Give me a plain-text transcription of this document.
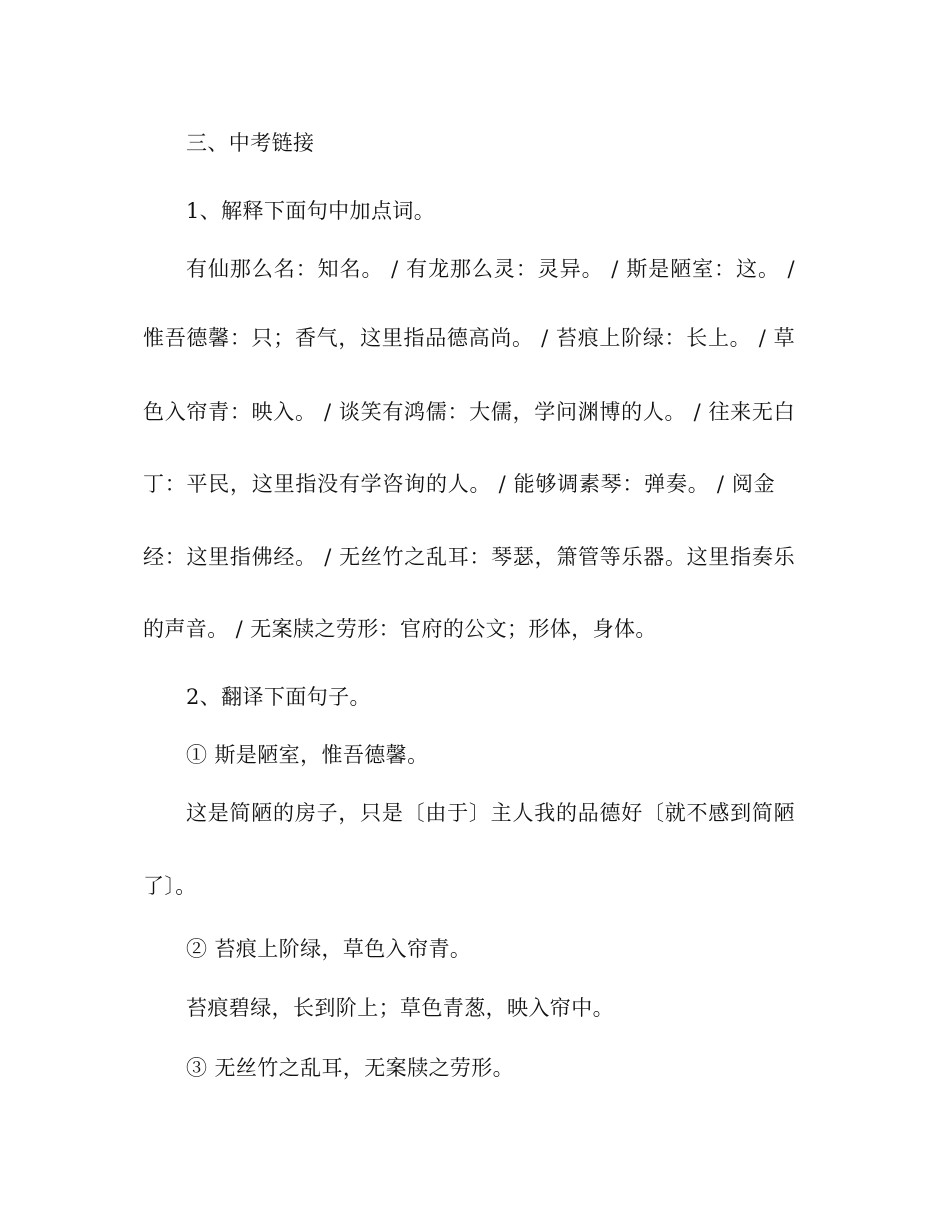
三、中考链接
1、解释下面句中加点词。
有仙那么名：知名。 / 有龙那么灵：灵异。 / 斯是陋室：这。 /
惟吾德馨：只；香气，这里指品德高尚。 / 苔痕上阶绿：长上。 / 草
色入帘青：映入。 / 谈笑有鸿儒：大儒，学问渊博的人。 / 往来无白
丁：平民，这里指没有学咨询的人。 / 能够调素琴：弹奏。 / 阅金
经：这里指佛经。 / 无丝竹之乱耳：琴瑟，箫管等乐器。这里指奏乐
的声音。 / 无案牍之劳形：官府的公文；形体，身体。
2、翻译下面句子。
① 斯是陋室，惟吾德馨。
这是简陋的房子，只是〔由于〕主人我的品德好〔就不感到简陋
了〕。
② 苔痕上阶绿，草色入帘青。
苔痕碧绿，长到阶上；草色青葱，映入帘中。
③ 无丝竹之乱耳，无案牍之劳形。
